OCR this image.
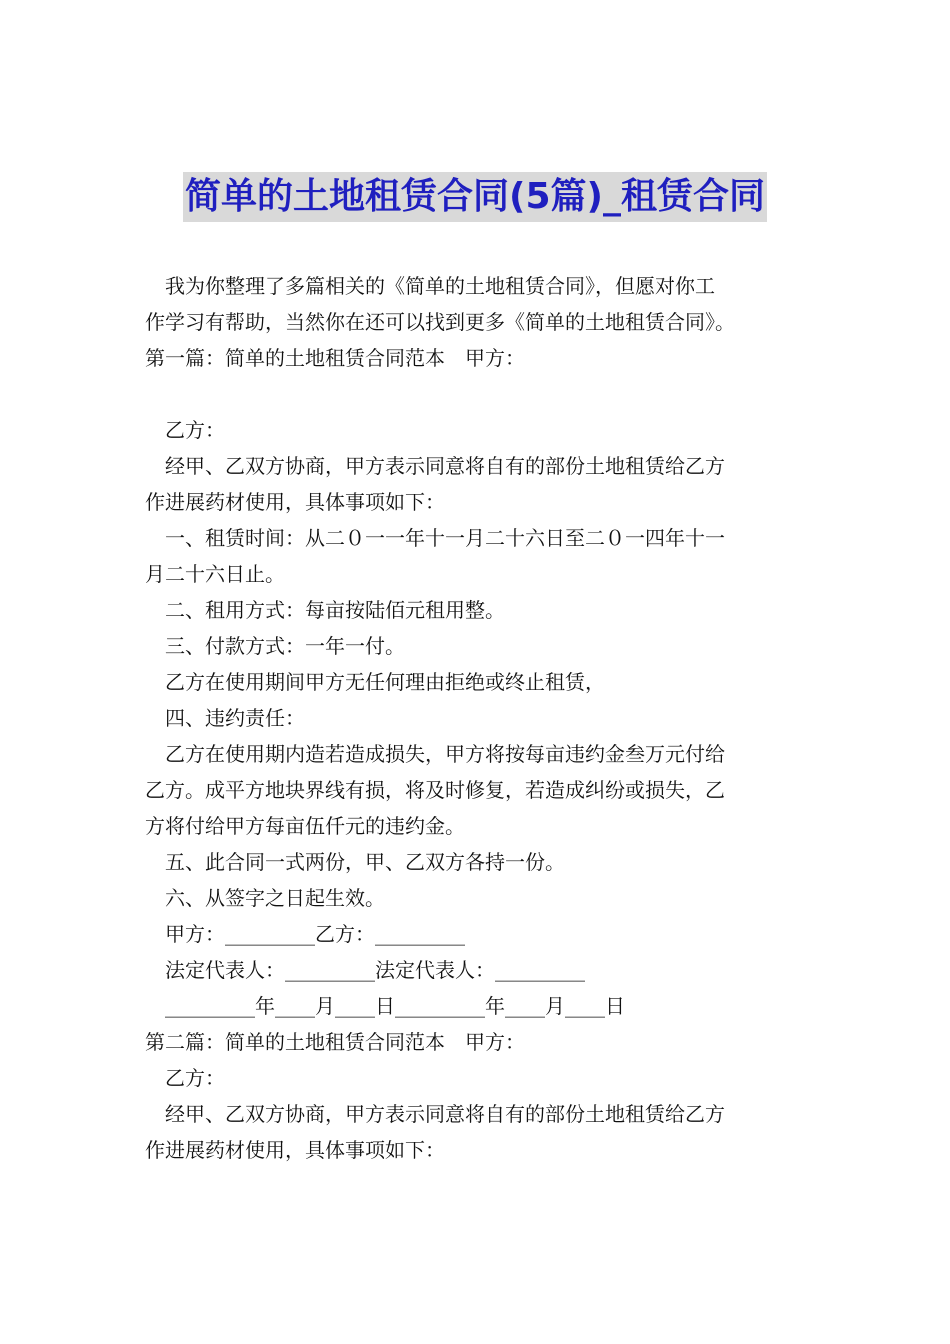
简单的土地租赁合同(5篇)_租赁合同

我为你整理了多篇相关的《简单的土地租赁合同》，但愿对你工

作学习有帮助，当然你在还可以找到更多《简单的土地租赁合同》。

第一篇：简单的土地租赁合同范本　甲方：

乙方：

经甲、乙双方协商，甲方表示同意将自有的部份土地租赁给乙方

作进展药材使用，具体事项如下：

一、租赁时间：从二０一一年十一月二十六日至二０一四年十一

月二十六日止。

二、租用方式：每亩按陆佰元租用整。

三、付款方式：一年一付。

乙方在使用期间甲方无任何理由拒绝或终止租赁，

四、违约责任：

乙方在使用期内造若造成损失，甲方将按每亩违约金叁万元付给

乙方。成平方地块界线有损，将及时修复，若造成纠纷或损失，乙

方将付给甲方每亩伍仟元的违约金。

五、此合同一式两份，甲、乙双方各持一份。

六、从签字之日起生效。

甲方：_________乙方：_________

法定代表人：_________法定代表人：_________

_________年____月____日_________年____月____日

第二篇：简单的土地租赁合同范本　甲方：

乙方：

经甲、乙双方协商，甲方表示同意将自有的部份土地租赁给乙方

作进展药材使用，具体事项如下：
